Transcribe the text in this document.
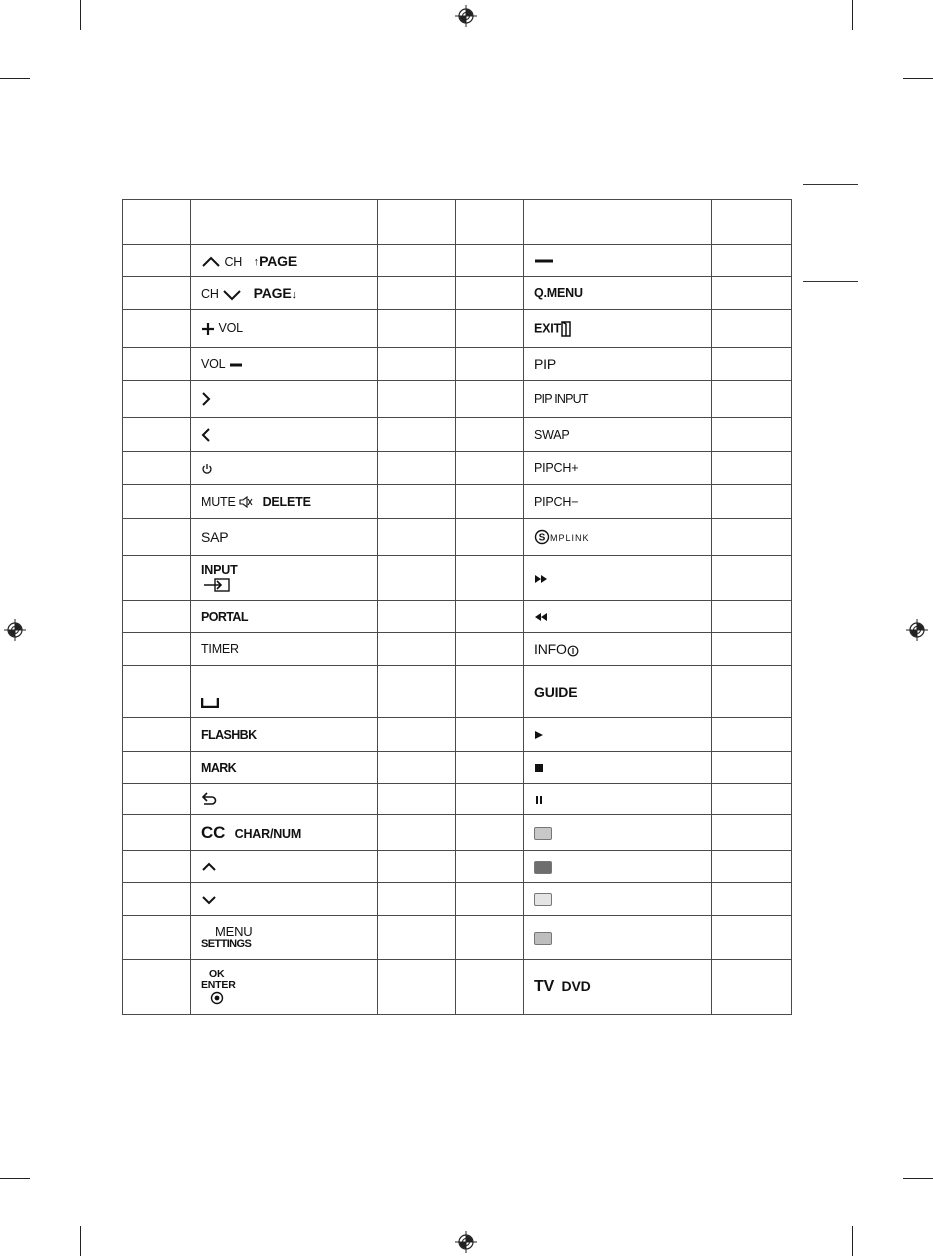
	CH ↑PAGE				
	CH PAGE↓			Q.MENU	
	VOL			EXIT	
	VOL			PIP	
				PIP INPUT	
				SWAP	
				PIPCH+	
	MUTE DELETE			PIPCH−	
	SAP			S MPLINK	

	INPUT

	PORTAL				
	TIMER			INFO	
				GUIDE	
	FLASHBK				
	MARK				

	CC CHAR/NUM				

	MENU
SETTINGS				

	OK
ENTER			TV DVD	
